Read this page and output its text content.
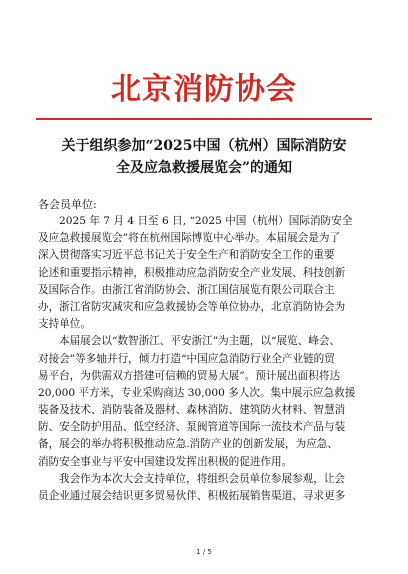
北京消防协会
关于组织参加“2025中国（杭州）国际消防安
全及应急救援展览会”的通知
各会员单位:
2025 年 7 月 4 日至 6 日, “2025 中国（杭州）国际消防安全
及应急救援展览会”将在杭州国际博览中心举办。本届展会是为了
深入贯彻落实习近平总书记关于安全生产和消防安全工作的重要
论述和重要指示精神，积极推动应急消防安全产业发展、科技创新
及国际合作。由浙江省消防协会、浙江国信展览有限公司联合主
办，浙江省防灾减灾和应急救援协会等单位协办，北京消防协会为
支持单位。
本届展会以“数智浙江、平安浙江”为主题，以“展览、峰会、
对接会”等多轴并行，倾力打造“中国应急消防行业全产业链的贸
易平台，为供需双方搭建可信赖的贸易大展”。预计展出面积将达
20,000 平方米，专业采购商达 30,000 多人次。集中展示应急救援
装备及技术、消防装备及器材、森林消防、建筑防火材料、智慧消
防、安全防护用品、低空经济、泵阀管道等国际一流技术产品与装
备，展会的举办将积极推动应急.消防产业的创新发展，为应急、
消防安全事业与平安中国建设发挥出积极的促进作用。
我会作为本次大会支持单位，将组织会员单位参展参观，让会
员企业通过展会结识更多贸易伙伴、积极拓展销售渠道、寻求更多
1 / 5
